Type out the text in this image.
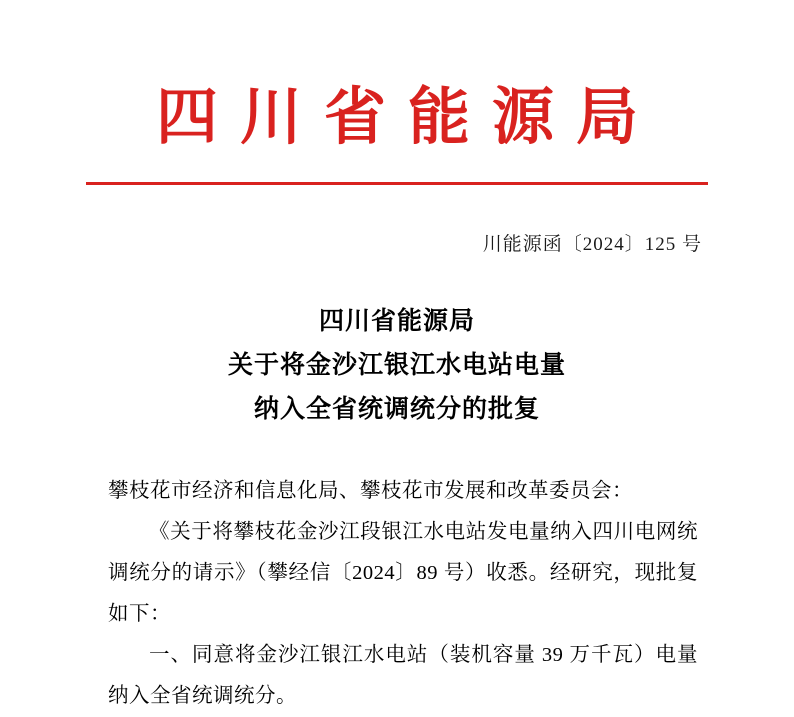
四川省能源局
川能源函〔2024〕125 号
四川省能源局
关于将金沙江银江水电站电量
纳入全省统调统分的批复

攀枝花市经济和信息化局、攀枝花市发展和改革委员会：

《关于将攀枝花金沙江段银江水电站发电量纳入四川电网统调统分的请示》（攀经信〔2024〕89 号）收悉。经研究，现批复如下：

一、同意将金沙江银江水电站（装机容量 39 万千瓦）电量纳入全省统调统分。
